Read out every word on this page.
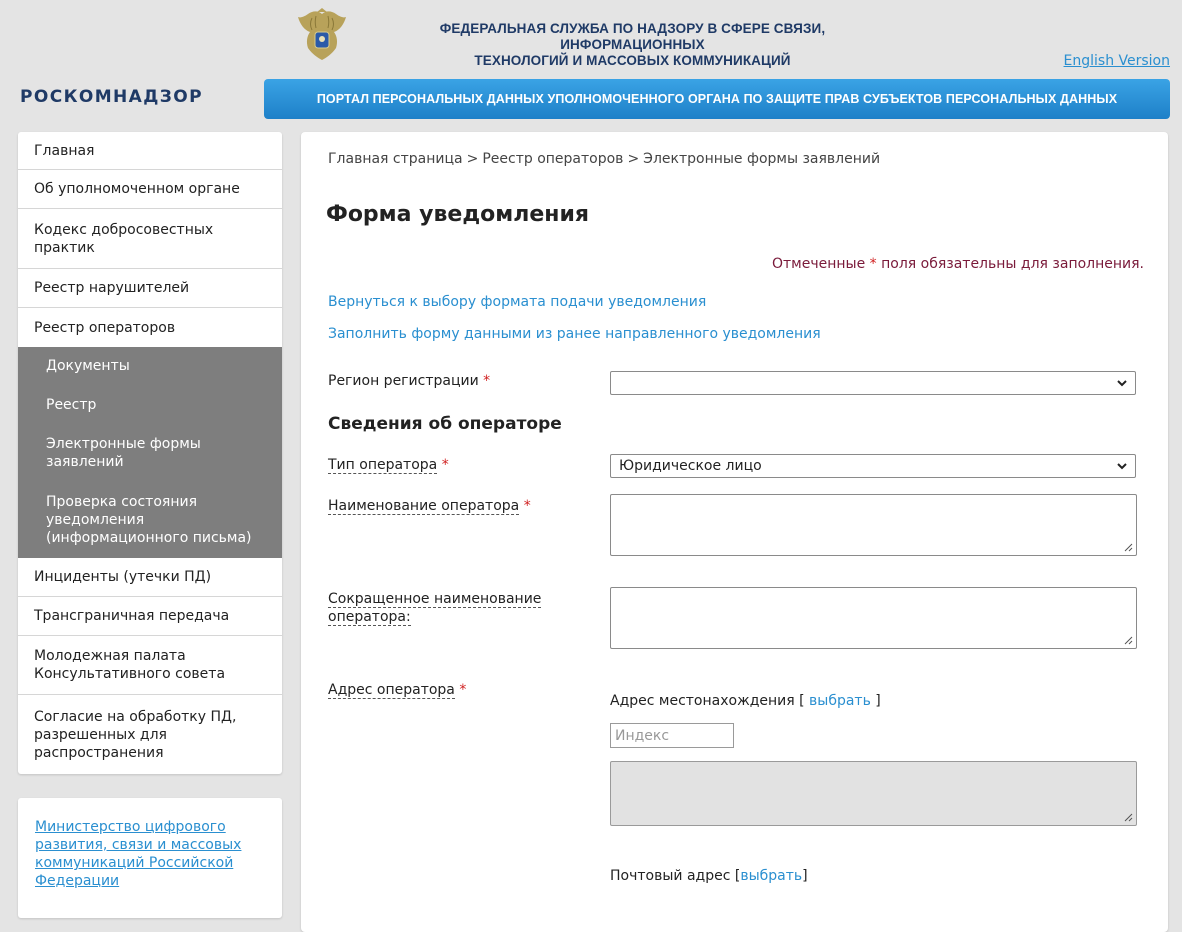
ФЕДЕРАЛЬНАЯ СЛУЖБА ПО НАДЗОРУ В СФЕРЕ СВЯЗИ, ИНФОРМАЦИОННЫХ
ТЕХНОЛОГИЙ И МАССОВЫХ КОММУНИКАЦИЙ	English Version
РОСКОМНАДЗОР	ПОРТАЛ ПЕРСОНАЛЬНЫХ ДАННЫХ УПОЛНОМОЧЕННОГО ОРГАНА ПО ЗАЩИТЕ ПРАВ СУБЪЕКТОВ ПЕРСОНАЛЬНЫХ ДАННЫХ
Главная
Об уполномоченном органе
Кодекс добросовестных практик
Реестр нарушителей
Реестр операторов
Документы
Реестр
Электронные формы заявлений
Проверка состояния уведомления (информационного письма)
Инциденты (утечки ПД)
Трансграничная передача
Молодежная палата Консультативного совета
Согласие на обработку ПД, разрешенных для распространения
Министерство цифрового развития, связи и массовых коммуникаций Российской Федерации
Главная страница > Реестр операторов > Электронные формы заявлений
Форма уведомления
Отмеченные * поля обязательны для заполнения.
Вернуться к выбору формата подачи уведомления
Заполнить форму данными из ранее направленного уведомления
Регион регистрации *
Сведения об операторе
Тип оператора *	Юридическое лицо
Наименование оператора *
Сокращенное наименование оператора:
Адрес оператора *
Адрес местонахождения [ выбрать ]
Индекс
Почтовый адрес [выбрать]
